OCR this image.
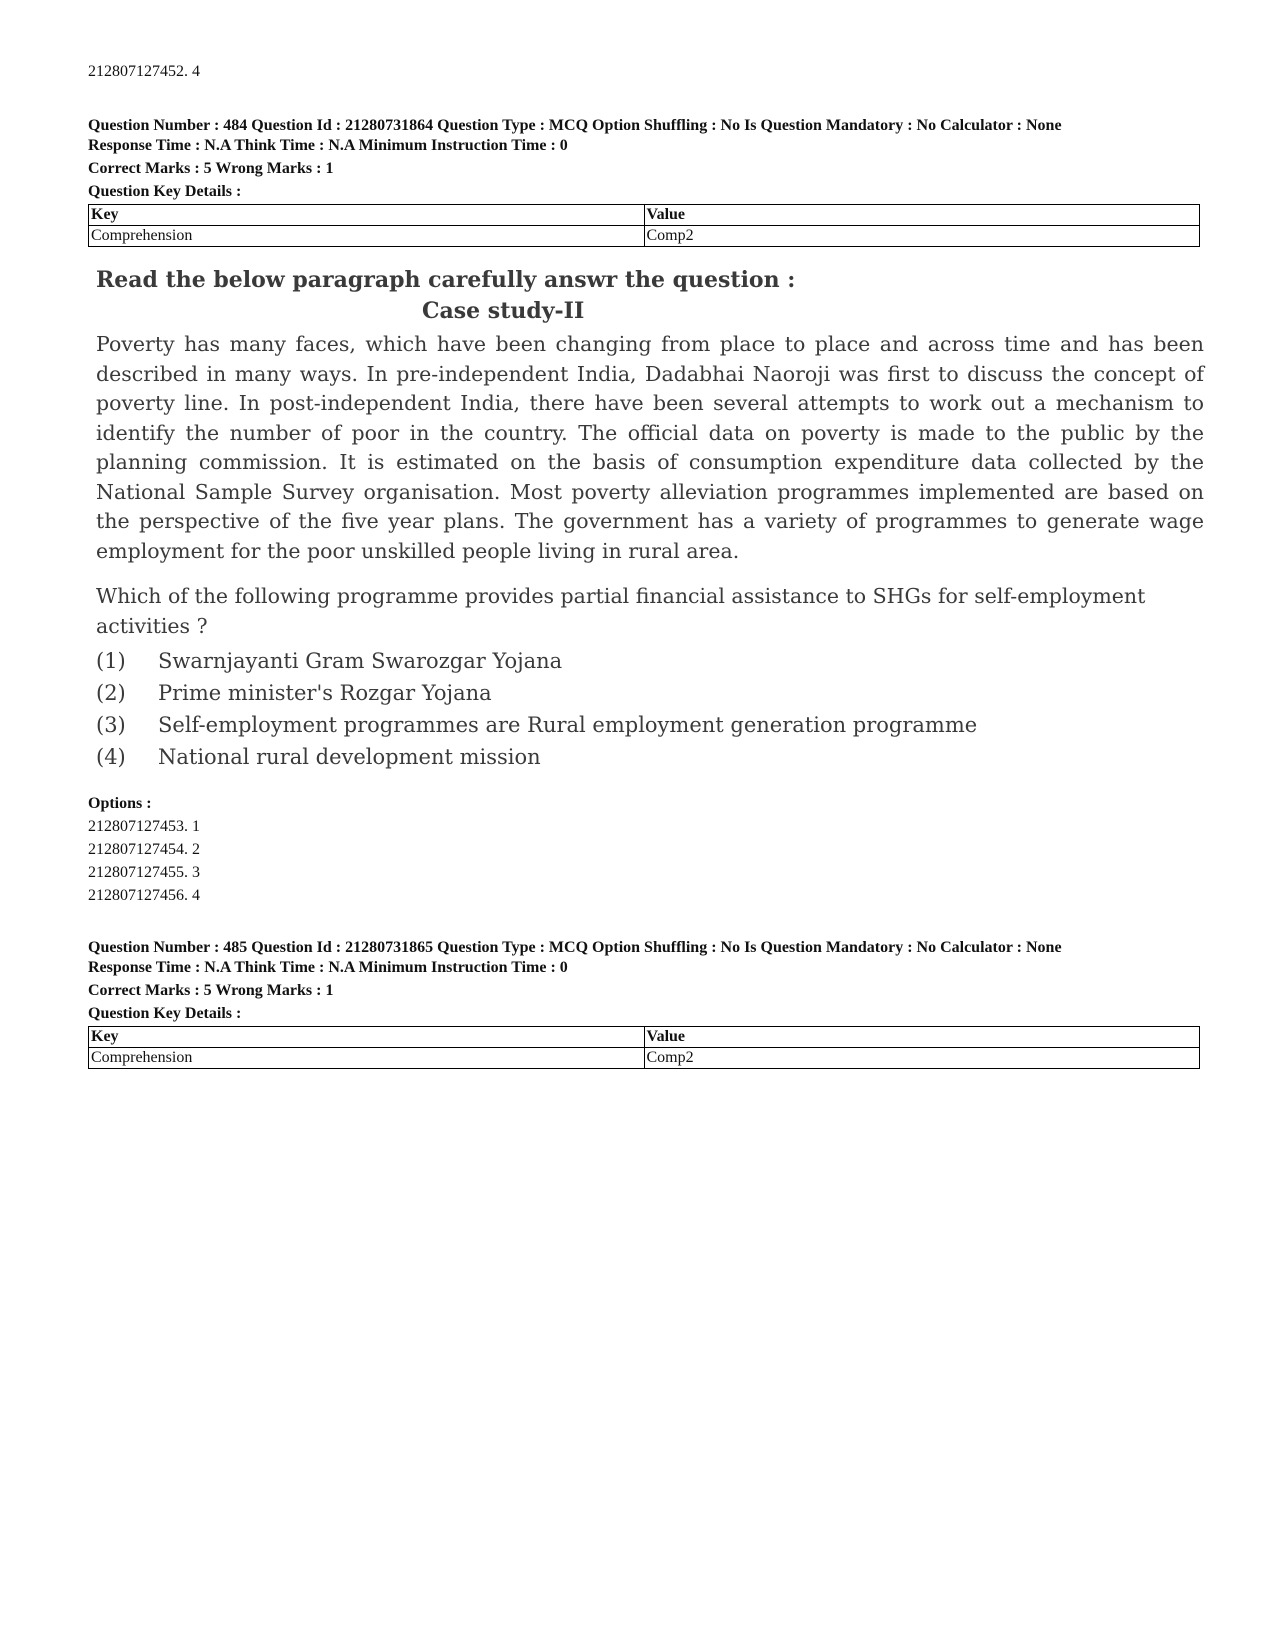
212807127452. 4
Question Number : 484 Question Id : 21280731864 Question Type : MCQ Option Shuffling : No Is Question Mandatory : No Calculator : None
Response Time : N.A Think Time : N.A Minimum Instruction Time : 0
Correct Marks : 5 Wrong Marks : 1
Question Key Details :
Key	Value
Comprehension	Comp2
Read the below paragraph carefully answr the question :
Case study-II
Poverty has many faces, which have been changing from place to place and across time and has been described in many ways. In pre-independent India, Dadabhai Naoroji was first to discuss the concept of poverty line. In post-independent India, there have been several attempts to work out a mechanism to identify the number of poor in the country. The official data on poverty is made to the public by the planning commission. It is estimated on the basis of consumption expenditure data collected by the National Sample Survey organisation. Most poverty alleviation programmes implemented are based on the perspective of the five year plans. The government has a variety of programmes to generate wage employment for the poor unskilled people living in rural area.
Which of the following programme provides partial financial assistance to SHGs for self-employment activities ?
(1)	Swarnjayanti Gram Swarozgar Yojana
(2)	Prime minister's Rozgar Yojana
(3)	Self-employment programmes are Rural employment generation programme
(4)	National rural development mission
Options :
212807127453. 1
212807127454. 2
212807127455. 3
212807127456. 4
Question Number : 485 Question Id : 21280731865 Question Type : MCQ Option Shuffling : No Is Question Mandatory : No Calculator : None
Response Time : N.A Think Time : N.A Minimum Instruction Time : 0
Correct Marks : 5 Wrong Marks : 1
Question Key Details :
Key	Value
Comprehension	Comp2
